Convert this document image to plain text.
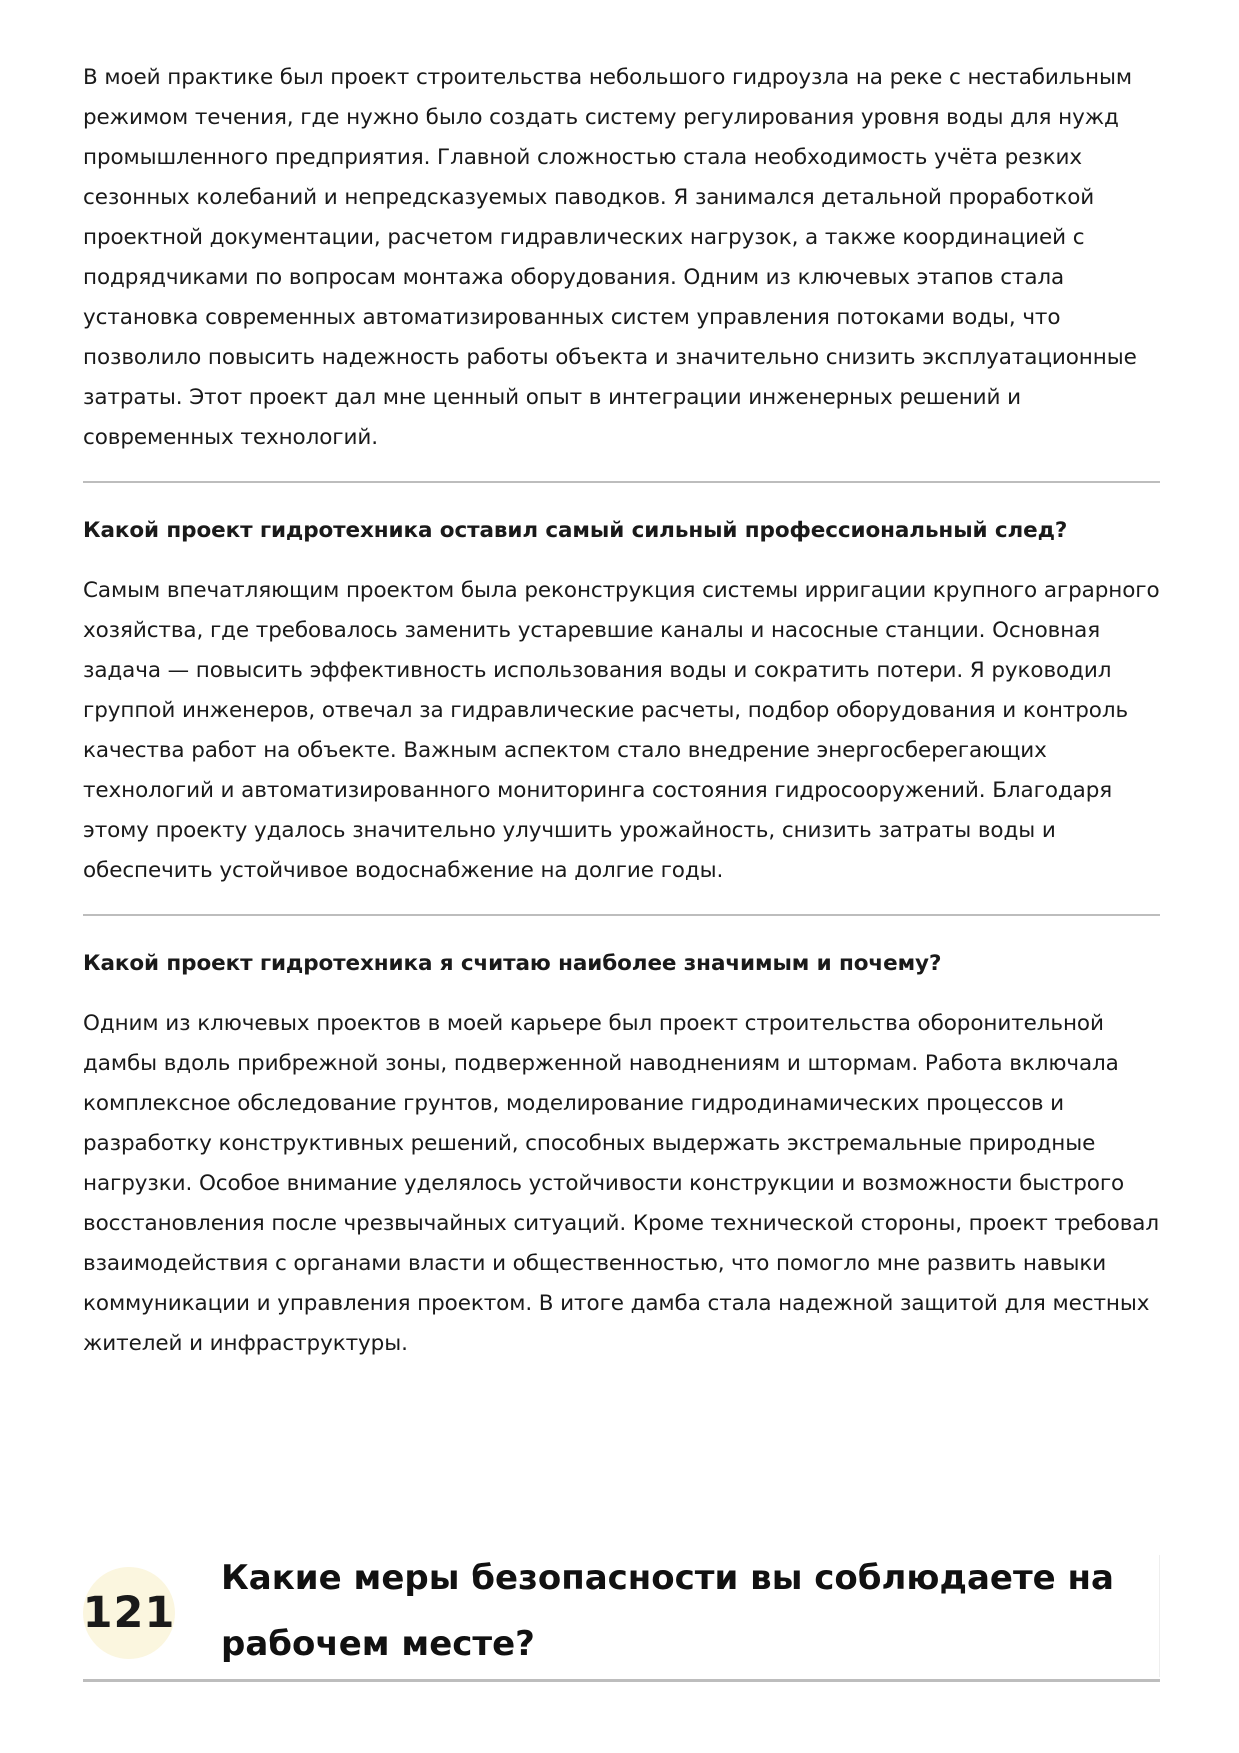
В моей практике был проект строительства небольшого гидроузла на реке с нестабильным режимом течения, где нужно было создать систему регулирования уровня воды для нужд промышленного предприятия. Главной сложностью стала необходимость учёта резких сезонных колебаний и непредсказуемых паводков. Я занимался детальной проработкой проектной документации, расчетом гидравлических нагрузок, а также координацией с подрядчиками по вопросам монтажа оборудования. Одним из ключевых этапов стала установка современных автоматизированных систем управления потоками воды, что позволило повысить надежность работы объекта и значительно снизить эксплуатационные затраты. Этот проект дал мне ценный опыт в интеграции инженерных решений и современных технологий.

Какой проект гидротехника оставил самый сильный профессиональный след?

Самым впечатляющим проектом была реконструкция системы ирригации крупного аграрного хозяйства, где требовалось заменить устаревшие каналы и насосные станции. Основная задача — повысить эффективность использования воды и сократить потери. Я руководил группой инженеров, отвечал за гидравлические расчеты, подбор оборудования и контроль качества работ на объекте. Важным аспектом стало внедрение энергосберегающих технологий и автоматизированного мониторинга состояния гидросооружений. Благодаря этому проекту удалось значительно улучшить урожайность, снизить затраты воды и обеспечить устойчивое водоснабжение на долгие годы.

Какой проект гидротехника я считаю наиболее значимым и почему?

Одним из ключевых проектов в моей карьере был проект строительства оборонительной дамбы вдоль прибрежной зоны, подверженной наводнениям и штормам. Работа включала комплексное обследование грунтов, моделирование гидродинамических процессов и разработку конструктивных решений, способных выдержать экстремальные природные нагрузки. Особое внимание уделялось устойчивости конструкции и возможности быстрого восстановления после чрезвычайных ситуаций. Кроме технической стороны, проект требовал взаимодействия с органами власти и общественностью, что помогло мне развить навыки коммуникации и управления проектом. В итоге дамба стала надежной защитой для местных жителей и инфраструктуры.

121
Какие меры безопасности вы соблюдаете на рабочем месте?
